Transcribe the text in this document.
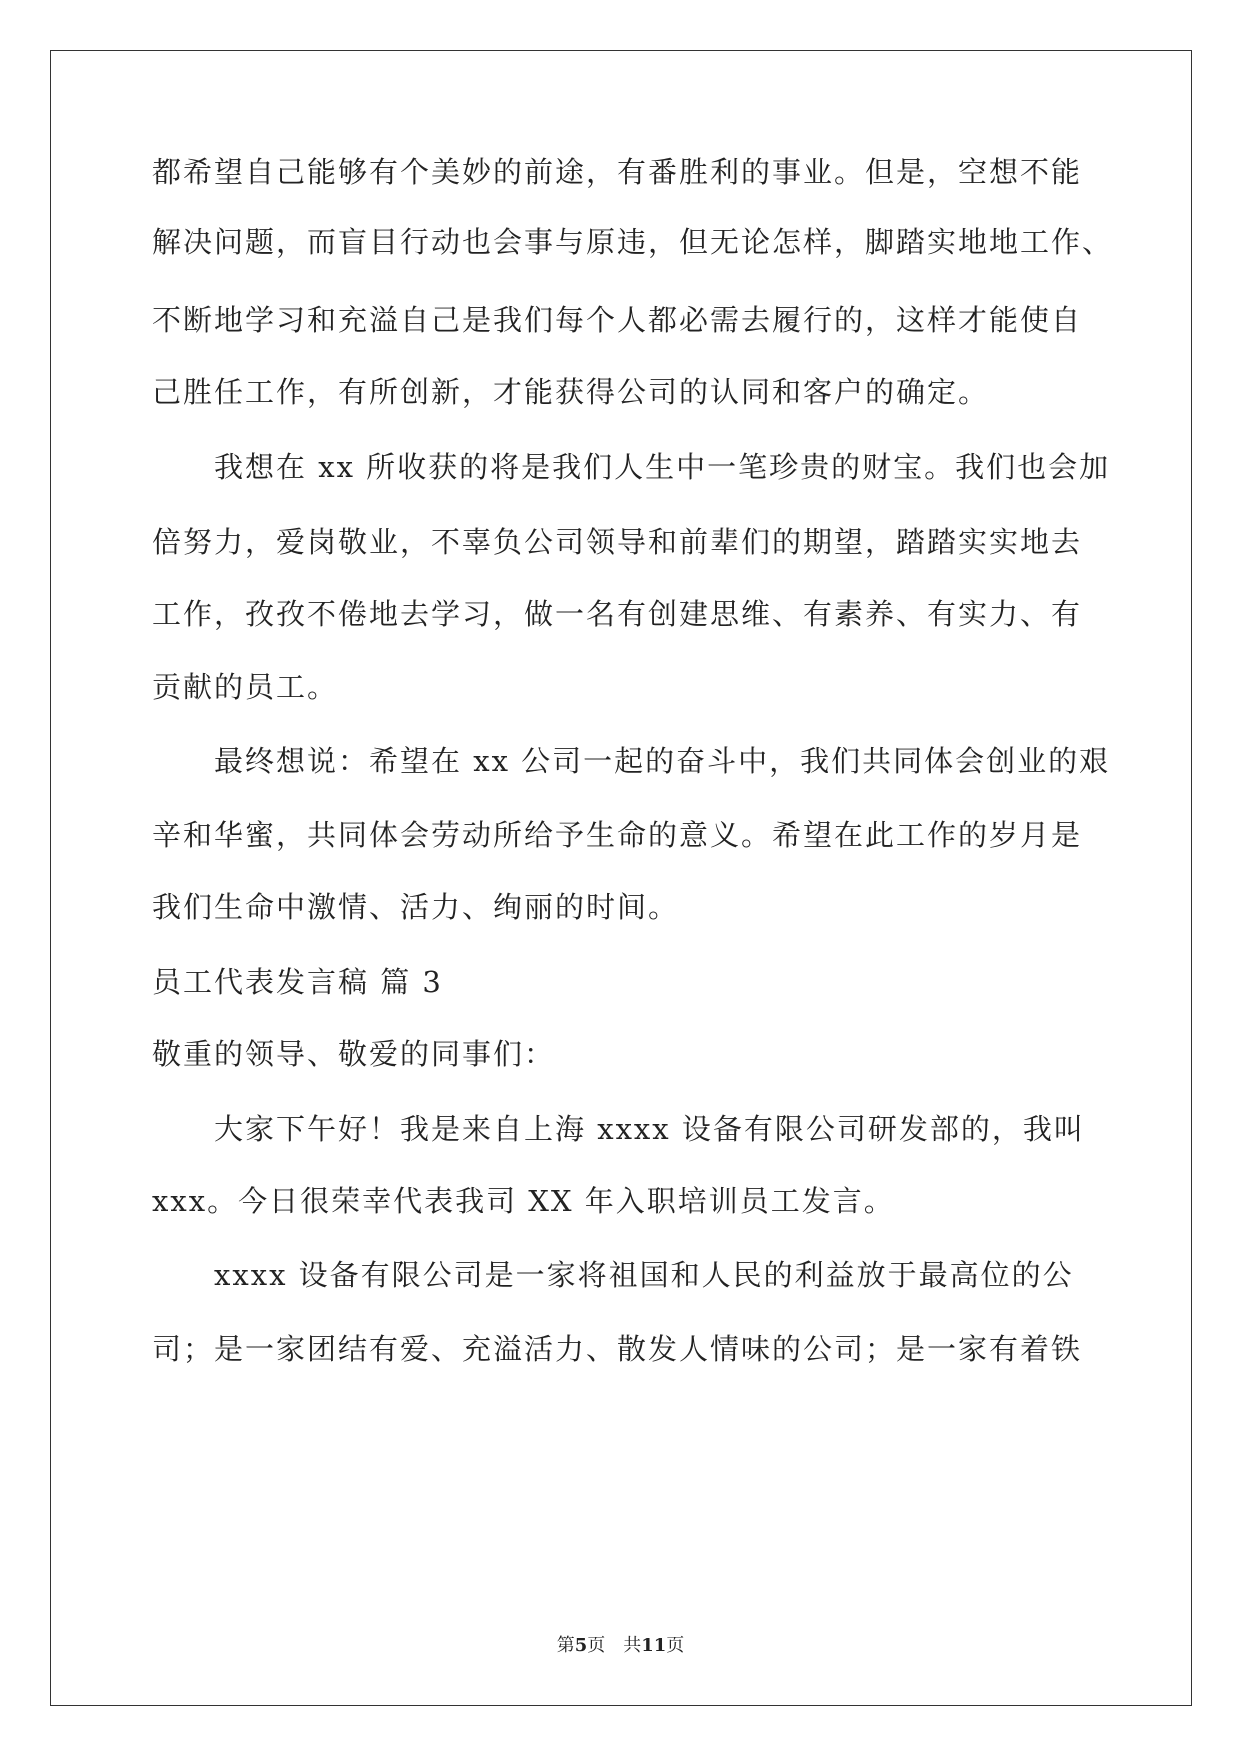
都希望自己能够有个美妙的前途，有番胜利的事业。但是，空想不能
解决问题，而盲目行动也会事与原违，但无论怎样，脚踏实地地工作、
不断地学习和充溢自己是我们每个人都必需去履行的，这样才能使自
己胜任工作，有所创新，才能获得公司的认同和客户的确定。
我想在 xx 所收获的将是我们人生中一笔珍贵的财宝。我们也会加
倍努力，爱岗敬业，不辜负公司领导和前辈们的期望，踏踏实实地去
工作，孜孜不倦地去学习，做一名有创建思维、有素养、有实力、有
贡献的员工。
最终想说：希望在 xx 公司一起的奋斗中，我们共同体会创业的艰
辛和华蜜，共同体会劳动所给予生命的意义。希望在此工作的岁月是
我们生命中激情、活力、绚丽的时间。
员工代表发言稿 篇 3
敬重的领导、敬爱的同事们：
大家下午好！我是来自上海 xxxx 设备有限公司研发部的，我叫
xxx。今日很荣幸代表我司 XX 年入职培训员工发言。
xxxx 设备有限公司是一家将祖国和人民的利益放于最高位的公
司；是一家团结有爱、充溢活力、散发人情味的公司；是一家有着铁
第5页　共11页
